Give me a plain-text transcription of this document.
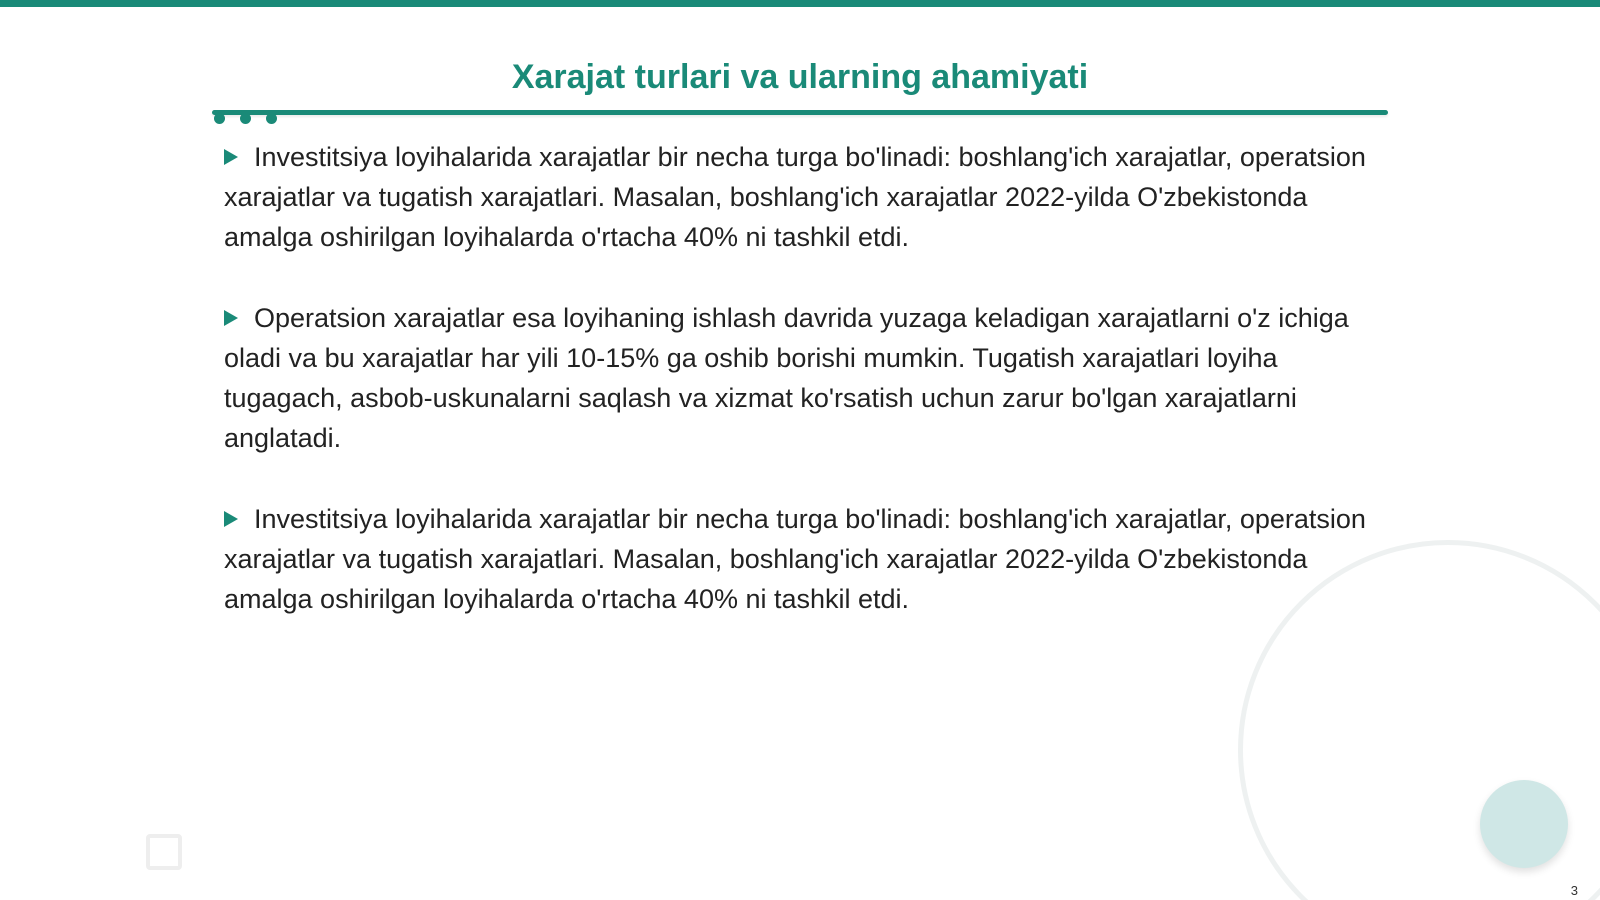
Xarajat turlari va ularning ahamiyati

Investitsiya loyihalarida xarajatlar bir necha turga bo'linadi: boshlang'ich xarajatlar, operatsion xarajatlar va tugatish xarajatlari. Masalan, boshlang'ich xarajatlar 2022-yilda O'zbekistonda amalga oshirilgan loyihalarda o'rtacha 40% ni tashkil etdi.

Operatsion xarajatlar esa loyihaning ishlash davrida yuzaga keladigan xarajatlarni o'z ichiga oladi va bu xarajatlar har yili 10-15% ga oshib borishi mumkin. Tugatish xarajatlari loyiha tugagach, asbob-uskunalarni saqlash va xizmat ko'rsatish uchun zarur bo'lgan xarajatlarni anglatadi.

Investitsiya loyihalarida xarajatlar bir necha turga bo'linadi: boshlang'ich xarajatlar, operatsion xarajatlar va tugatish xarajatlari. Masalan, boshlang'ich xarajatlar 2022-yilda O'zbekistonda amalga oshirilgan loyihalarda o'rtacha 40% ni tashkil etdi.

3
